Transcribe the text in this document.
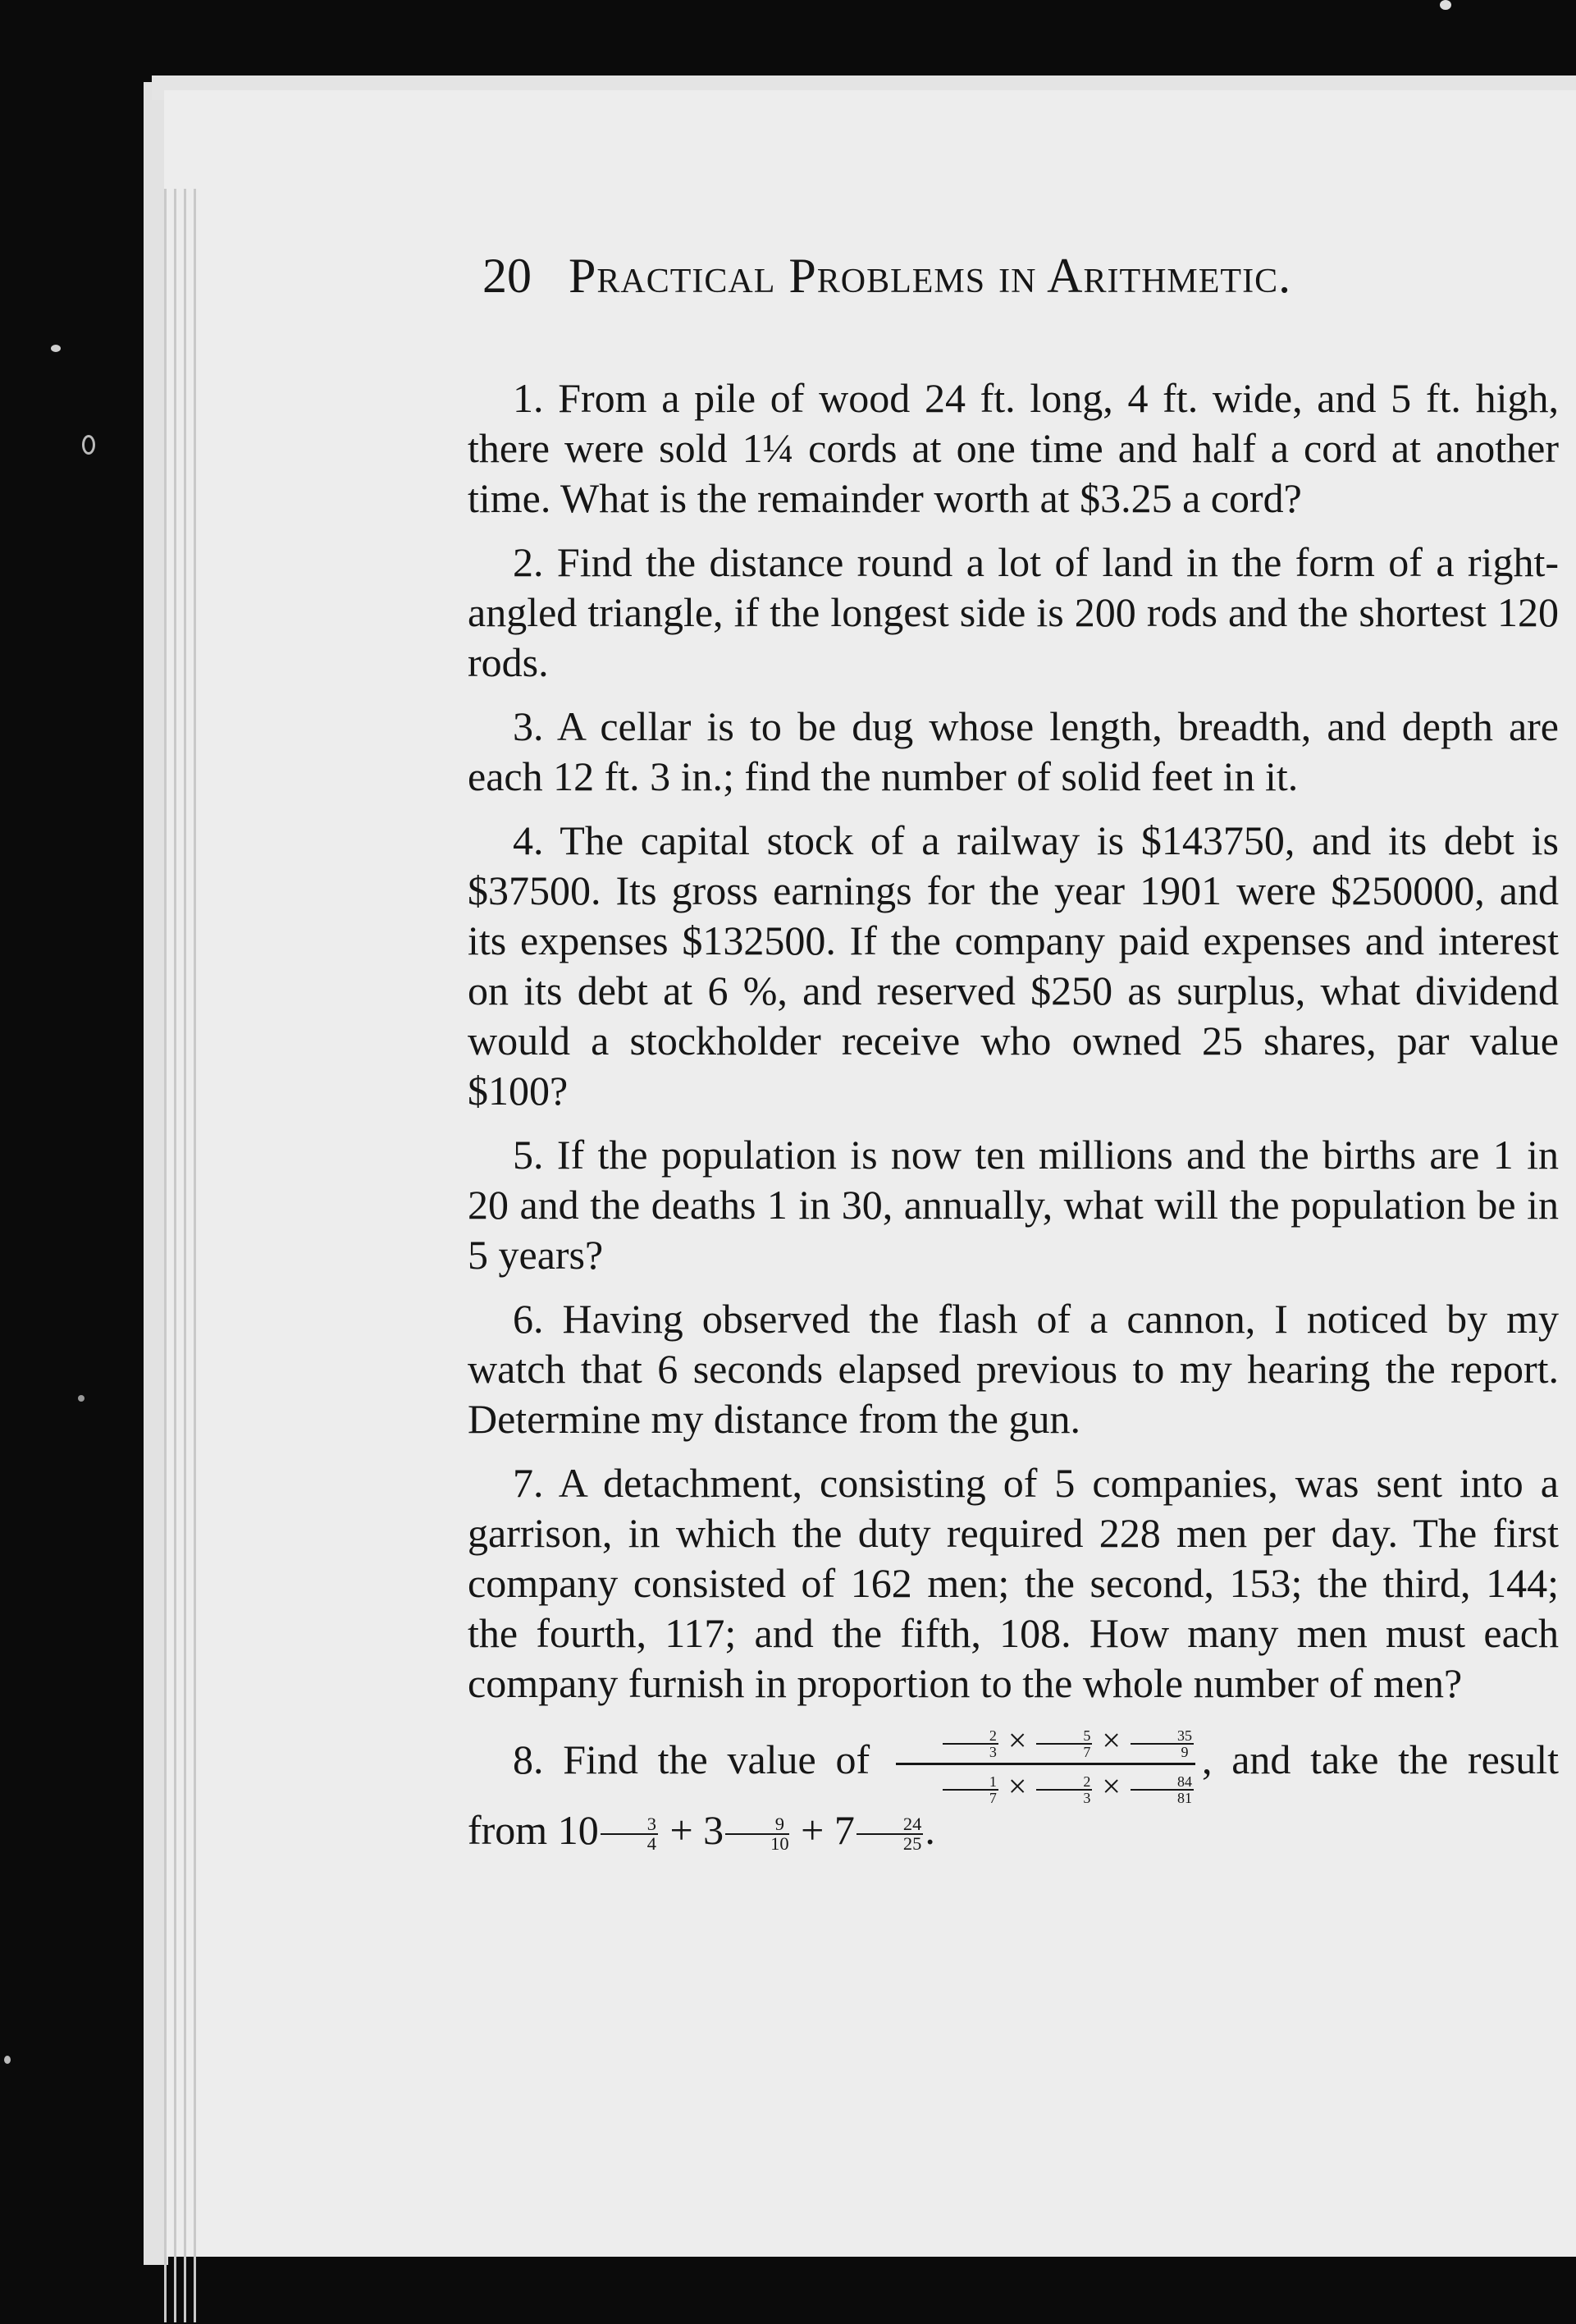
20 Practical Problems in Arithmetic.

1. From a pile of wood 24 ft. long, 4 ft. wide, and 5 ft. high, there were sold 1¼ cords at one time and half a cord at another time. What is the remainder worth at $3.25 a cord?

2. Find the distance round a lot of land in the form of a right-angled triangle, if the longest side is 200 rods and the shortest 120 rods.

3. A cellar is to be dug whose length, breadth, and depth are each 12 ft. 3 in.; find the number of solid feet in it.

4. The capital stock of a railway is $143750, and its debt is $37500. Its gross earnings for the year 1901 were $250000, and its expenses $132500. If the company paid expenses and interest on its debt at 6 %, and reserved $250 as surplus, what dividend would a stockholder receive who owned 25 shares, par value $100?

5. If the population is now ten millions and the births are 1 in 20 and the deaths 1 in 30, annually, what will the population be in 5 years?

6. Having observed the flash of a cannon, I noticed by my watch that 6 seconds elapsed previous to my hearing the report. Determine my distance from the gun.

7. A detachment, consisting of 5 companies, was sent into a garrison, in which the duty required 228 men per day. The first company consisted of 162 men; the second, 153; the third, 144; the fourth, 117; and the fifth, 108. How many men must each company furnish in proportion to the whole number of men?

8. Find the value of $\frac{\frac{2}{3} \times \frac{5}{7} \times \frac{35}{9}}{\frac{1}{7} \times \frac{2}{3} \times \frac{84}{81}}$ , and take the result from $10 \frac{3}{4} + 3 \frac{9}{10} + 7 \frac{24}{25}$ .
